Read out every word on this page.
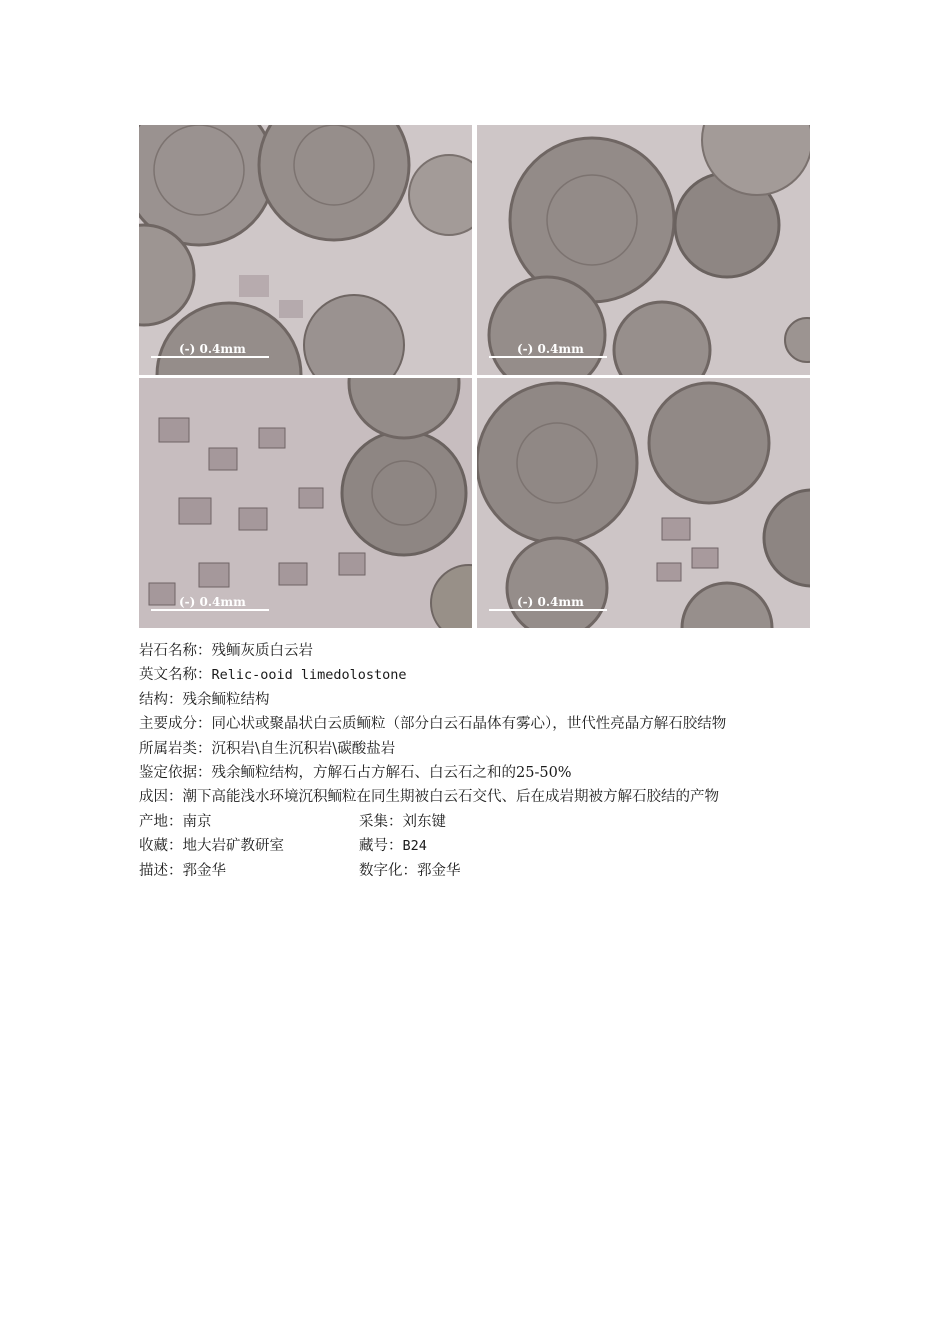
(-) 0.4mm	(-) 0.4mm
(-) 0.4mm	(-) 0.4mm
岩石名称：残鲕灰质白云岩
英文名称：Relic-ooid limedolostone
结构：残余鲕粒结构
主要成分：同心状或聚晶状白云质鲕粒（部分白云石晶体有雾心），世代性亮晶方解石胶结物
所属岩类：沉积岩\自生沉积岩\碳酸盐岩
鉴定依据：残余鲕粒结构，方解石占方解石、白云石之和的25-50%
成因：潮下高能浅水环境沉积鲕粒在同生期被白云石交代、后在成岩期被方解石胶结的产物
产地：南京	采集：刘东键
收藏：地大岩矿教研室	藏号：B24
描述：郛金华	数字化：郛金华
